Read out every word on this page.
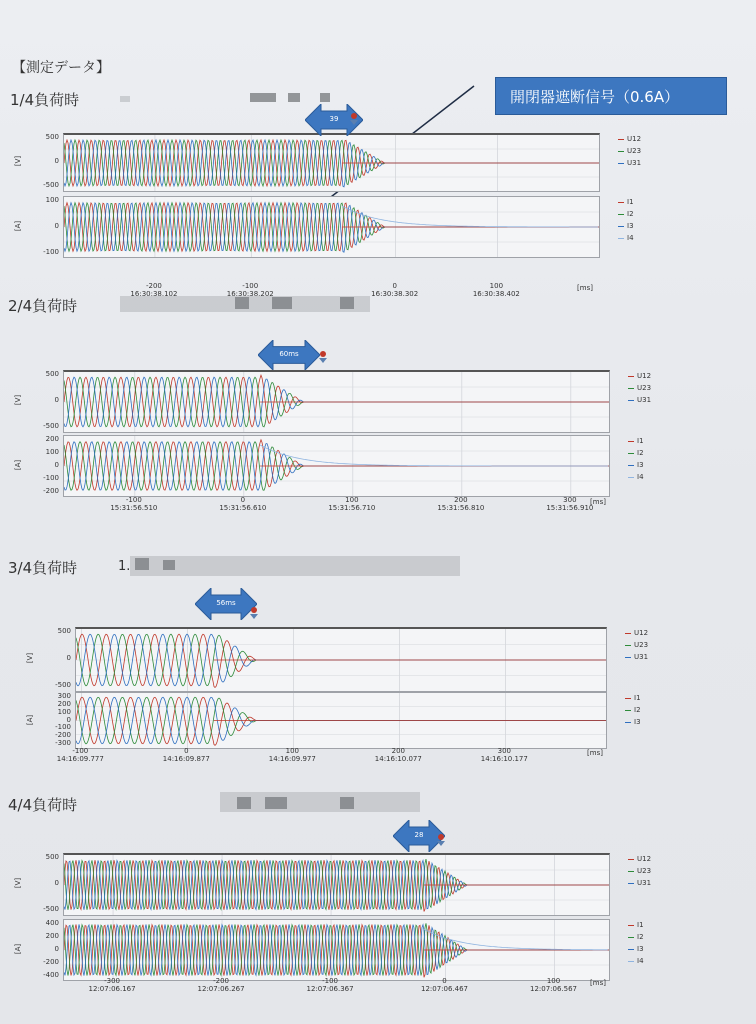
【測定データ】
開閉器遮断信号（0.6A）
1/4負荷時
500
0
-500
[V]
U12
U23
U31
100
0
-100
[A]
I1
I2
I3
I4
-200
16:30:38.102
-100
16:30:38.202
0
16:30:38.302
100
16:30:38.402
[ms]
39
2/4負荷時
500
0
-500
[V]
U12
U23
U31
200
100
0
-100
-200
[A]
I1
I2
I3
I4
-100
15:31:56.510
0
15:31:56.610
100
15:31:56.710
200
15:31:56.810
300
15:31:56.910
[ms]
60ms
3/4負荷時	1.
500
0
-500
[V]
U12
U23
U31
300
200
100
0
-100
-200
-300
[A]
I1
I2
I3
-100
14:16:09.777
0
14:16:09.877
100
14:16:09.977
200
14:16:10.077
300
14:16:10.177
[ms]
56ms
4/4負荷時
500
0
-500
[V]
U12
U23
U31
400
200
0
-200
-400
[A]
I1
I2
I3
I4
-300
12:07:06.167
-200
12:07:06.267
-100
12:07:06.367
0
12:07:06.467
100
12:07:06.567
[ms]
28
